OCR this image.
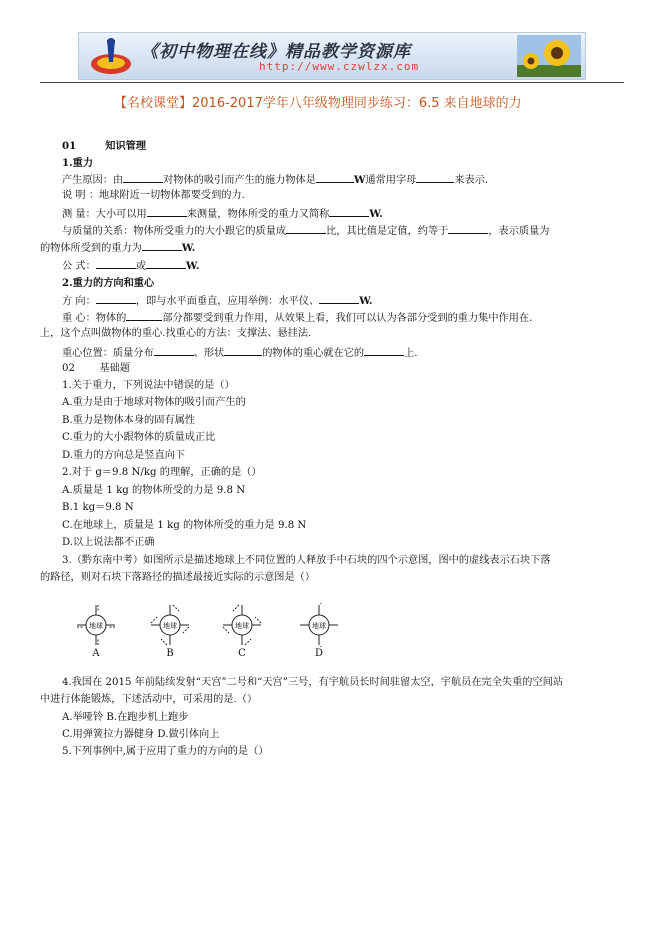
《初中物理在线》精品教学资源库
http://www.czwlzx.com
【名校课堂】2016-2017学年八年级物理同步练习：6.5 来自地球的力
01	知识管理
1.重力
产生原因：由	对物体的吸引而产生的施力物体是	W通常用字母	来表示.
说 明 ：地球附近一切物体都要受到的力.
测 量：大小可以用	来测量，物体所受的重力又简称	W.
与质量的关系：物体所受重力的大小跟它的质量成	比，其比值是定值，约等于	，表示质量为
的物体所受到的重力为	W.
公 式：	或	W.
2.重力的方向和重心
方 向：	，即与水平面垂直，应用举例：水平仪、	W.
重 心：物体的	部分都要受到重力作用，从效果上看，我们可以认为各部分受到的重力集中作用在.
上，这个点叫做物体的重心.找重心的方法：支撑法、悬挂法.
重心位置：质量分布	、形状	的物体的重心就在它的	上.
02 基础题
1.关于重力，下列说法中错误的是（）
A.重力是由于地球对物体的吸引而产生的
B.重力是物体本身的固有属性
C.重力的大小跟物体的质量成正比
D.重力的方向总是竖直向下
2.对于 g＝9.8 N/kg 的理解，正确的是（）
A.质量是 1 kg 的物体所受的力是 9.8 N
B.1 kg＝9.8 N
C.在地球上，质量是 1 kg 的物体所受的重力是 9.8 N
D.以上说法都不正确
3.（黔东南中考）如图所示是描述地球上不同位置的人释放手中石块的四个示意图，图中的虚线表示石块下落
的路径，则对石块下落路径的描述最接近实际的示意图是（）
地球
A
地球
B
地球
C
地球
D
4.我国在 2015 年前陆续发射“天宫”二号和“天宫”三号，有宇航员长时间驻留太空，宇航员在完全失重的空间站
中进行体能锻炼，下述活动中，可采用的是.（）
A.举哑铃 B.在跑步机上跑步
C.用弹簧拉力器健身 D.做引体向上
5.下列事例中,属于应用了重力的方向的是（）
